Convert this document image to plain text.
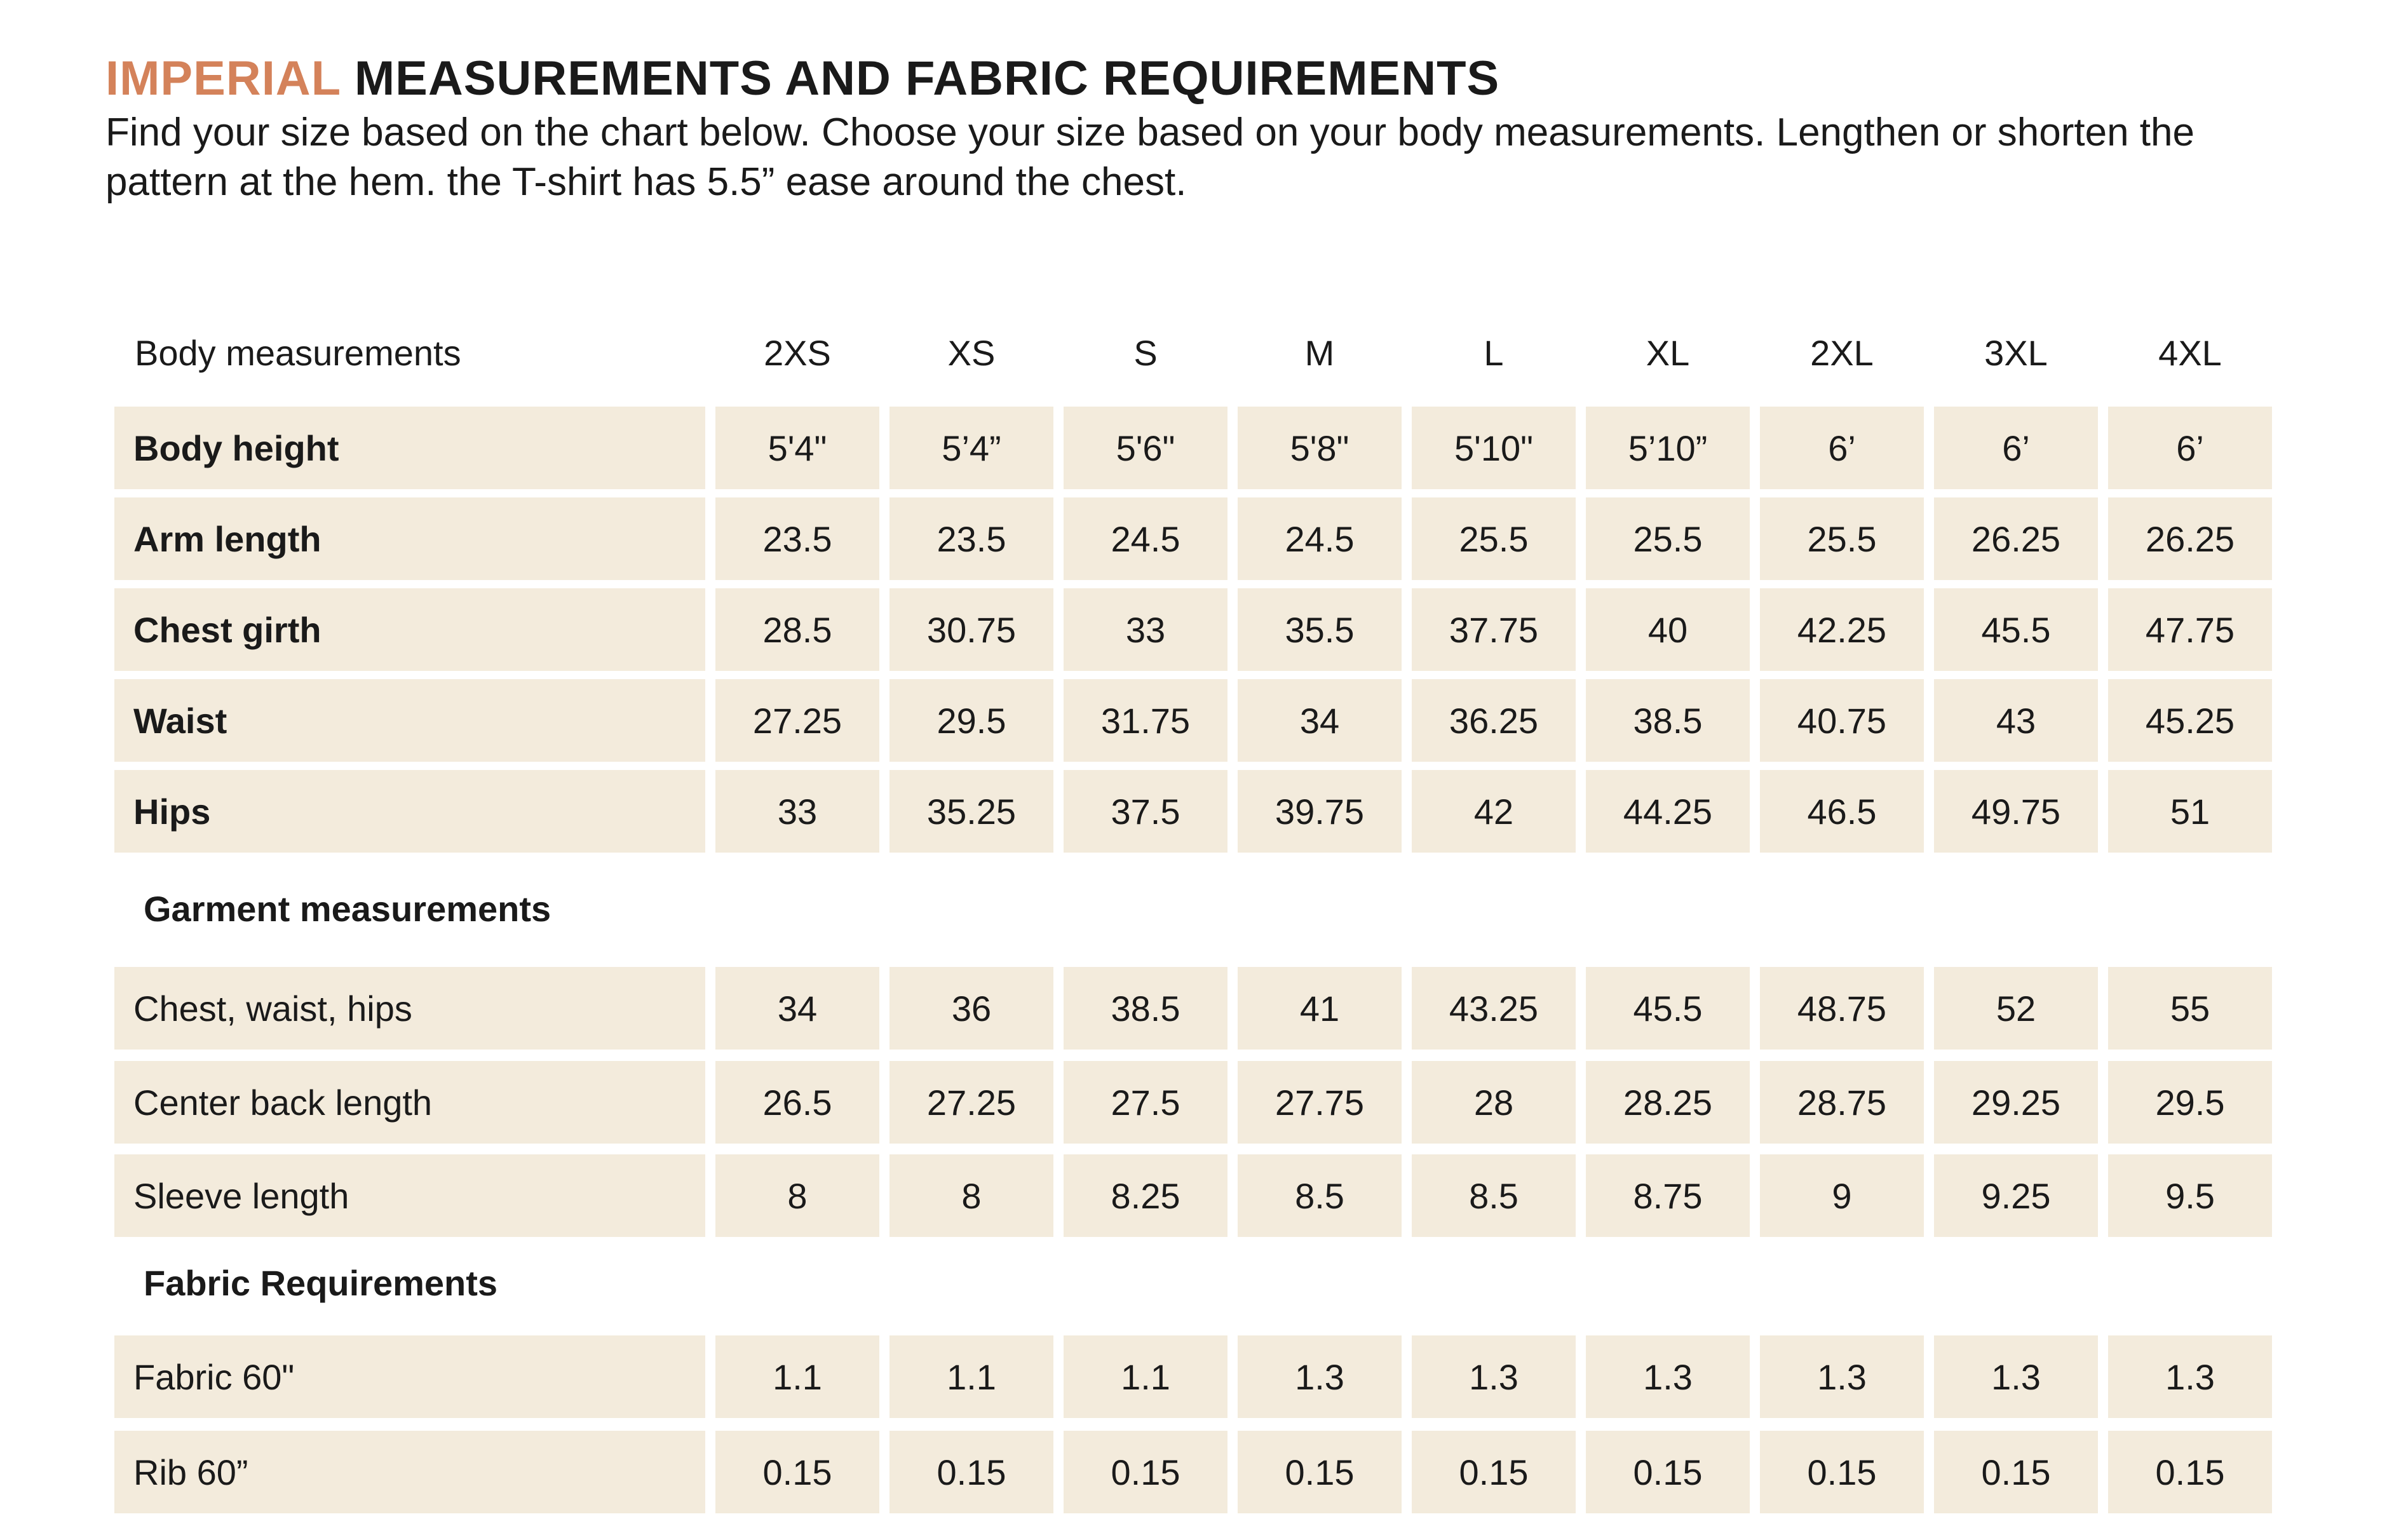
IMPERIAL MEASUREMENTS AND FABRIC REQUIREMENTS

Find your size based on the chart below. Choose your size based on your body measurements. Lengthen or shorten the pattern at the hem. the T-shirt has 5.5” ease around the chest.

Body measurements	2XS	XS	S	M	L	XL	2XL	3XL	4XL
Body height	5'4"	5’4”	5'6"	5'8"	5'10"	5’10”	6’	6’	6’
Arm length	23.5	23.5	24.5	24.5	25.5	25.5	25.5	26.25	26.25
Chest girth	28.5	30.75	33	35.5	37.75	40	42.25	45.5	47.75
Waist	27.25	29.5	31.75	34	36.25	38.5	40.75	43	45.25
Hips	33	35.25	37.5	39.75	42	44.25	46.5	49.75	51
Garment measurements
Chest, waist, hips	34	36	38.5	41	43.25	45.5	48.75	52	55
Center back length	26.5	27.25	27.5	27.75	28	28.25	28.75	29.25	29.5
Sleeve length	8	8	8.25	8.5	8.5	8.75	9	9.25	9.5
Fabric Requirements
Fabric 60"	1.1	1.1	1.1	1.3	1.3	1.3	1.3	1.3	1.3
Rib 60”	0.15	0.15	0.15	0.15	0.15	0.15	0.15	0.15	0.15
